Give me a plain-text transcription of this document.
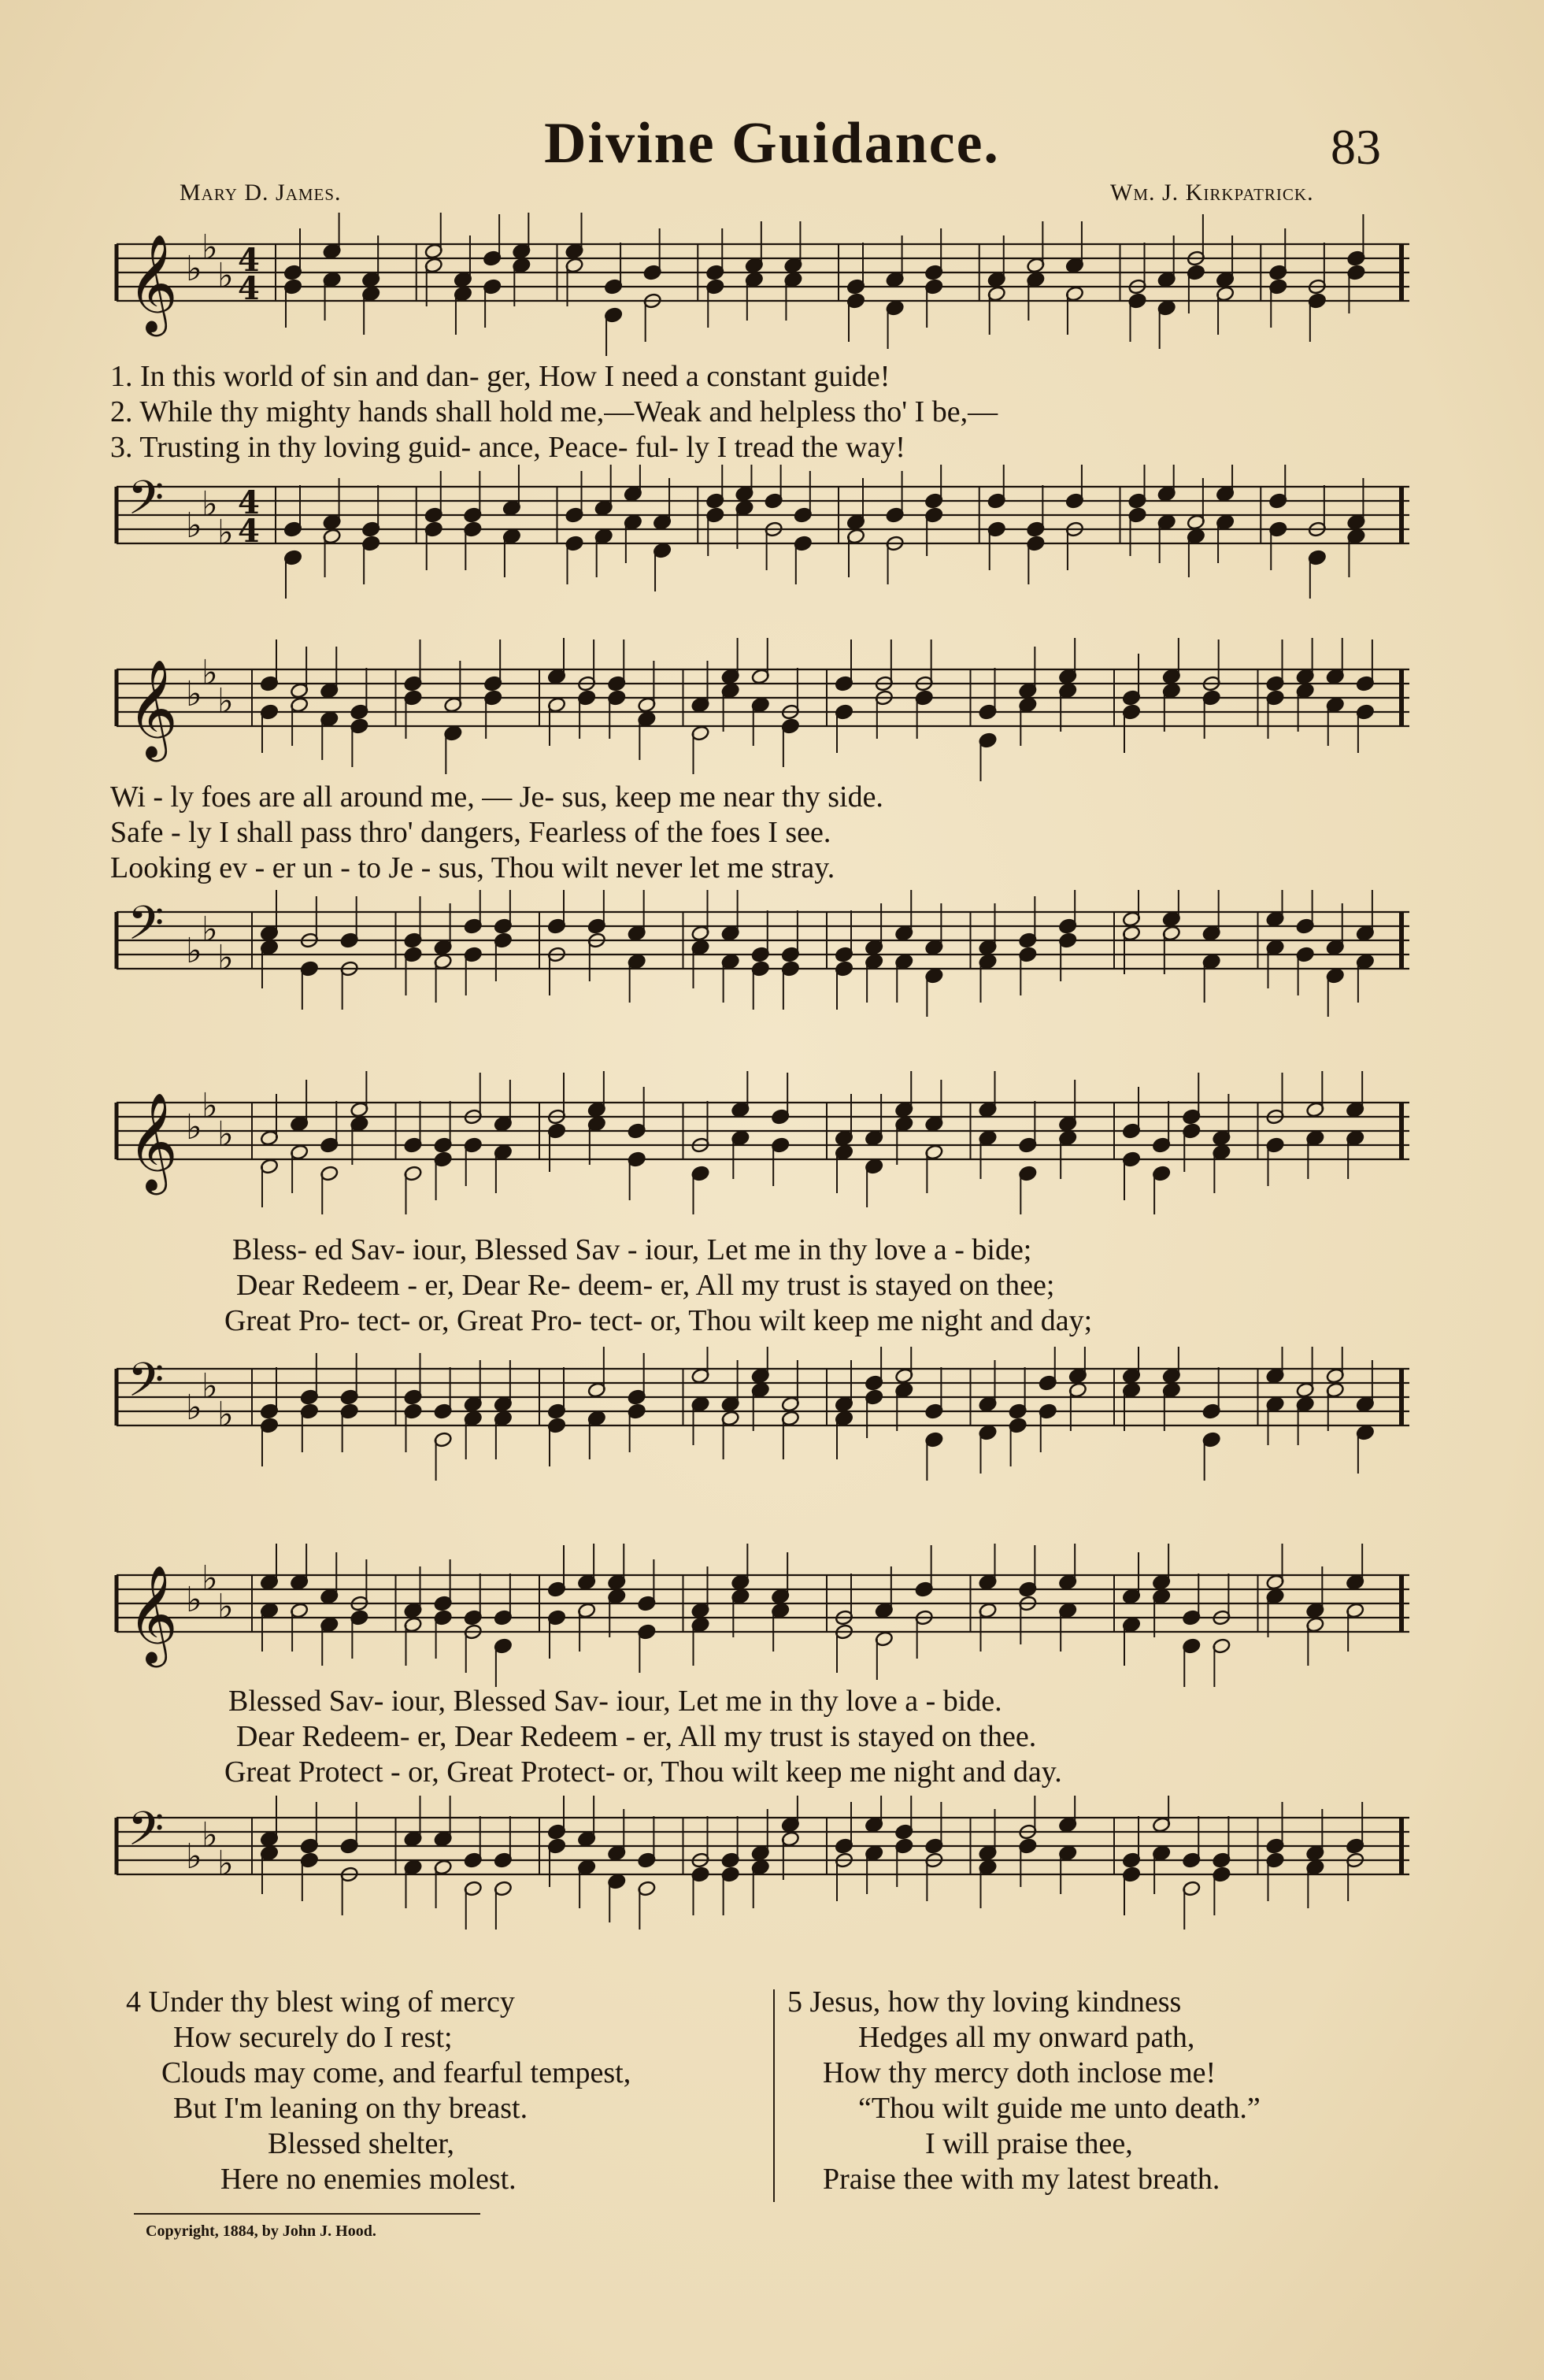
Divine Guidance.	83
Mary D. James.	Wm. J. Kirkpatrick.
𝄞 ♭
♭
♭ 4
4
1. In this world of sin and dan- ger, How I need a constant guide!
2. While thy mighty hands shall hold me,—Weak and helpless tho' I be,—
3. Trusting in thy loving guid- ance, Peace- ful- ly I tread the way!
𝄢 ♭
♭
♭
4
4
𝄞 ♭
♭
♭
Wi - ly foes are all around me, — Je- sus, keep me near thy side.
Safe - ly I shall pass thro' dangers, Fearless of the foes I see.
Looking ev - er un - to Je - sus, Thou wilt never let me stray.
𝄢 ♭
♭
♭
𝄞 ♭
♭
♭
Bless- ed Sav- iour, Blessed Sav - iour, Let me in thy love a - bide;
Dear Redeem - er, Dear Re- deem- er, All my trust is stayed on thee;
Great Pro- tect- or, Great Pro- tect- or, Thou wilt keep me night and day;
𝄢 ♭
♭
♭
𝄞 ♭
♭
♭
Blessed Sav- iour, Blessed Sav- iour, Let me in thy love a - bide.
Dear Redeem- er, Dear Redeem - er, All my trust is stayed on thee.
Great Protect - or, Great Protect- or, Thou wilt keep me night and day.
𝄢 ♭
♭
♭
4 Under thy blest wing of mercy
How securely do I rest;
Clouds may come, and fearful tempest,
But I'm leaning on thy breast.
Blessed shelter,
Here no enemies molest.
5 Jesus, how thy loving kindness
Hedges all my onward path,
How thy mercy doth inclose me!
“Thou wilt guide me unto death.”
I will praise thee,
Praise thee with my latest breath.
Copyright, 1884, by John J. Hood.
